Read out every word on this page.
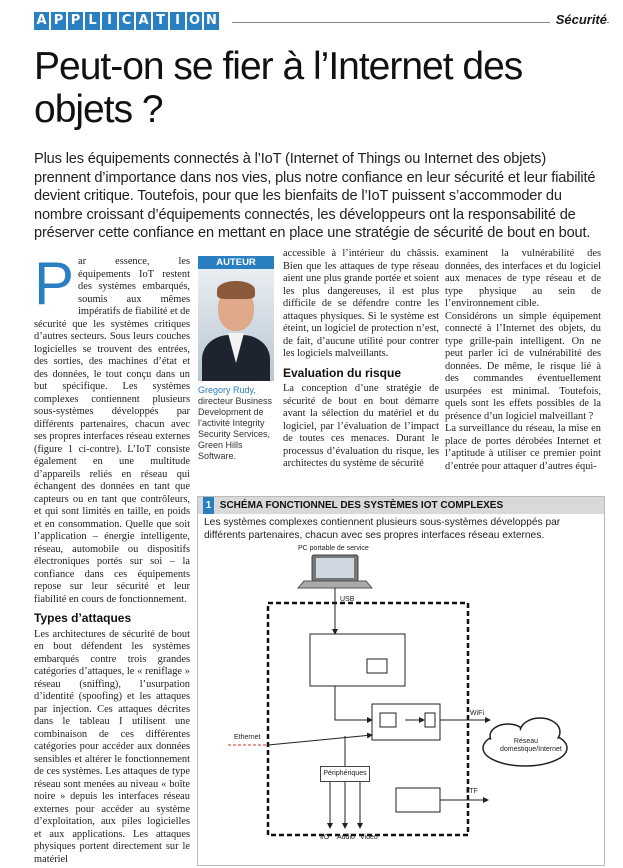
A P P L I C A T I O N	Sécurité
Peut-on se fier à l’Internet des objets ?
Plus les équipements connectés à l’IoT (Internet of Things ou Internet des objets) prennent d’importance dans nos vies, plus notre confiance en leur sécurité et leur fiabilité devient critique. Toutefois, pour que les bienfaits de l’IoT puissent s’accommoder du nombre croissant d’équipements connectés, les développeurs ont la responsabilité de préserver cette confiance en mettant en place une stratégie de sécurité de bout en bout.

P ar essence, les équipements IoT restent des systèmes embarqués, soumis aux mêmes impératifs de fiabilité et de sécurité que les systèmes critiques d’autres secteurs. Sous leurs couches logicielles se trouvent des entrées, des sorties, des machines d’état et des données, le tout conçu dans un but spécifique. Les systèmes complexes contiennent plusieurs sous-systèmes développés par différents partenaires, chacun avec ses propres interfaces réseau externes (figure 1 ci-contre). L’IoT consiste également en une multitude d’appareils reliés en réseau qui échangent des données en tant que capteurs ou en tant que contrôleurs, et qui sont limités en taille, en poids et en consommation. Quelle que soit l’application – énergie intelligente, réseau, automobile ou dispositifs électroniques portés sur soi – la confiance dans ces équipements repose sur leur sécurité et leur fiabilité en cours de fonctionnement.

Types d’attaques

Les architectures de sécurité de bout en bout défendent les systèmes embarqués contre trois grandes catégories d’attaques, le « reniflage » réseau (sniffing), l’usurpation d’identité (spoofing) et les attaques par injection. Ces attaques décrites dans le tableau I utilisent une combinaison de ces différentes catégories pour accéder aux données sensibles et altérer le fonctionnement de ces systèmes. Les attaques de type réseau sont menées au niveau « boîte noire » depuis les interfaces réseau externes pour accéder au système d’exploitation, aux piles logicielles et aux applications. Les attaques physiques portent directement sur le matériel

AUTEUR
Gregory Rudy, directeur Business Development de l’activité Integrity Security Services, Green Hills Software.

accessible à l’intérieur du châssis. Bien que les attaques de type réseau aient une plus grande portée et soient les plus dangereuses, il est plus difficile de se défendre contre les attaques physiques. Si le système est éteint, un logiciel de protection n’est, de fait, d’aucune utilité pour contrer les logiciels malveillants.

Evaluation du risque

La conception d’une stratégie de sécurité de bout en bout démarre avant la sélection du matériel et du logiciel, par l’évaluation de l’impact de toutes ces menaces. Durant le processus d’évaluation du risque, les architectes du système de sécurité

examinent la vulnérabilité des données, des interfaces et du logiciel aux menaces de type réseau et de type physique au sein de l’environnement cible.

Considérons un simple équipement connecté à l’Internet des objets, du type grille-pain intelligent. On ne peut parler ici de vulnérabilité des données. De même, le risque lié à des commandes éventuellement usurpées est minimal. Toutefois, quels sont les effets possibles de la présence d’un logiciel malveillant ?

La surveillance du réseau, la mise en place de portes dérobées Internet et l’aptitude à utiliser ce premier point d’entrée pour attaquer d’autres équi-

1 SCHÉMA FONCTIONNEL DES SYSTÈMES IOT COMPLEXES
Les systèmes complexes contiennent plusieurs sous-systèmes développés par différents partenaires, chacun avec ses propres interfaces réseau externes.
PC portable de service
USB
Ethernet
WiFi
Réseau domestique/Internet
Périphériques
LTF
I/O Audio Video
